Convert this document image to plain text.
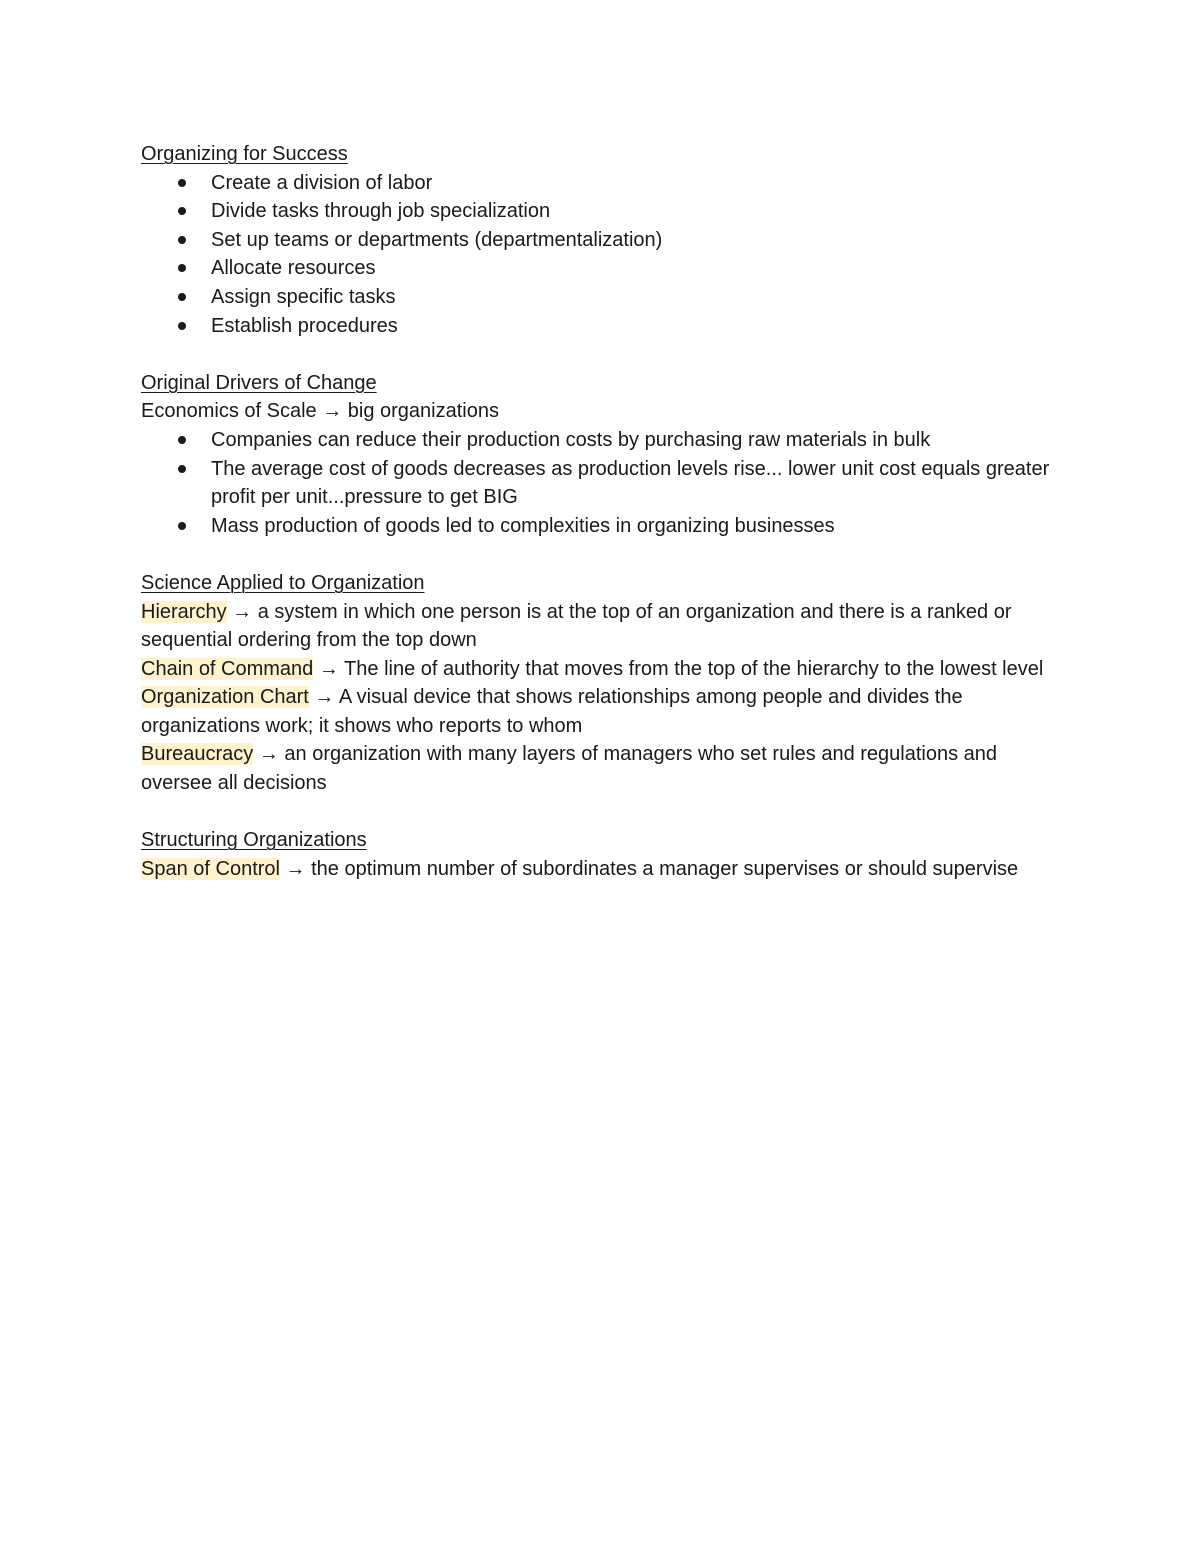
Organizing for Success
Create a division of labor
Divide tasks through job specialization
Set up teams or departments (departmentalization)
Allocate resources
Assign specific tasks
Establish procedures
Original Drivers of Change

Economics of Scale → big organizations

Companies can reduce their production costs by purchasing raw materials in bulk
The average cost of goods decreases as production levels rise... lower unit cost equals greater profit per unit...pressure to get BIG
Mass production of goods led to complexities in organizing businesses
Science Applied to Organization

Hierarchy → a system in which one person is at the top of an organization and there is a ranked or sequential ordering from the top down

Chain of Command → The line of authority that moves from the top of the hierarchy to the lowest level

Organization Chart → A visual device that shows relationships among people and divides the organizations work; it shows who reports to whom

Bureaucracy → an organization with many layers of managers who set rules and regulations and oversee all decisions

Structuring Organizations

Span of Control → the optimum number of subordinates a manager supervises or should supervise
